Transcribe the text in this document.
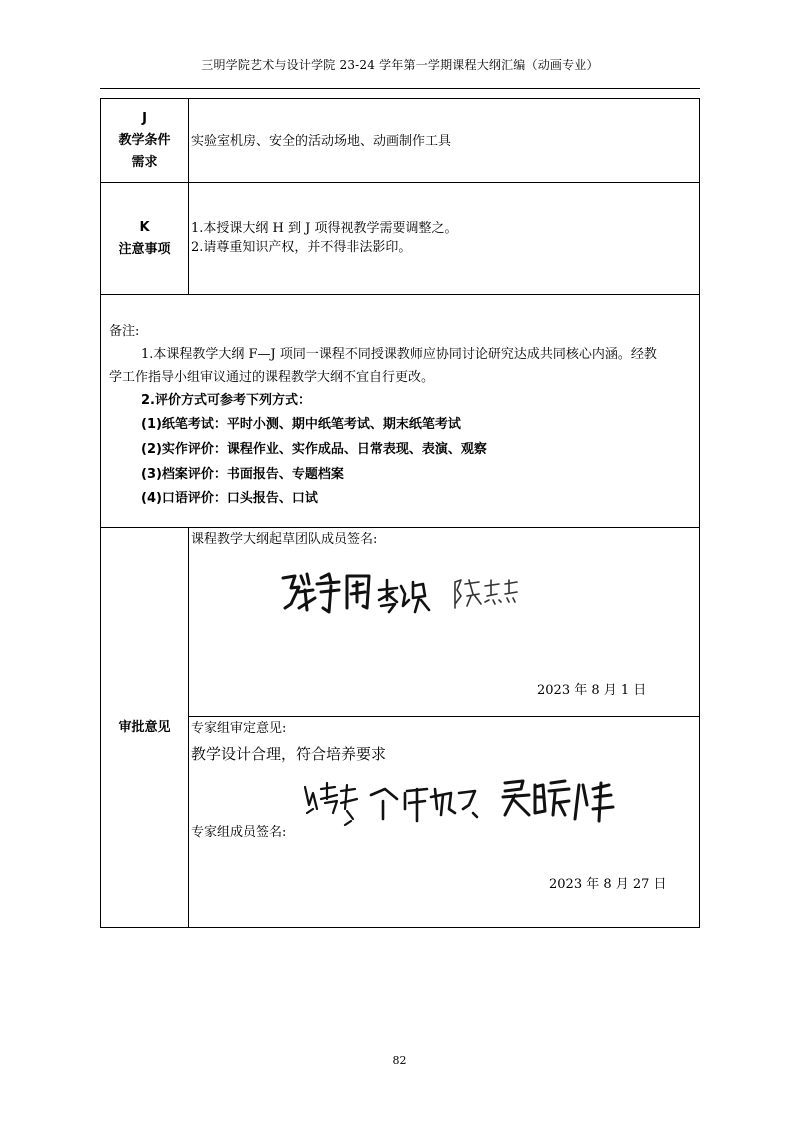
三明学院艺术与设计学院 23-24 学年第一学期课程大纲汇编（动画专业）
J
教学条件
需求
实验室机房、安全的活动场地、动画制作工具
K
注意事项
1.本授课大纲 H 到 J 项得视教学需要调整之。
2.请尊重知识产权，并不得非法影印。
备注:
1.本课程教学大纲 F—J 项同一课程不同授课教师应协同讨论研究达成共同核心内涵。经教
学工作指导小组审议通过的课程教学大纲不宜自行更改。
2.评价方式可参考下列方式：
(1)纸笔考试：平时小测、期中纸笔考试、期末纸笔考试
(2)实作评价：课程作业、实作成品、日常表现、表演、观察
(3)档案评价：书面报告、专题档案
(4)口语评价：口头报告、口试
审批意见
课程教学大纲起草团队成员签名:
2023 年 8 月 1 日
专家组审定意见:
教学设计合理，符合培养要求
专家组成员签名:
2023 年 8 月 27 日
82
